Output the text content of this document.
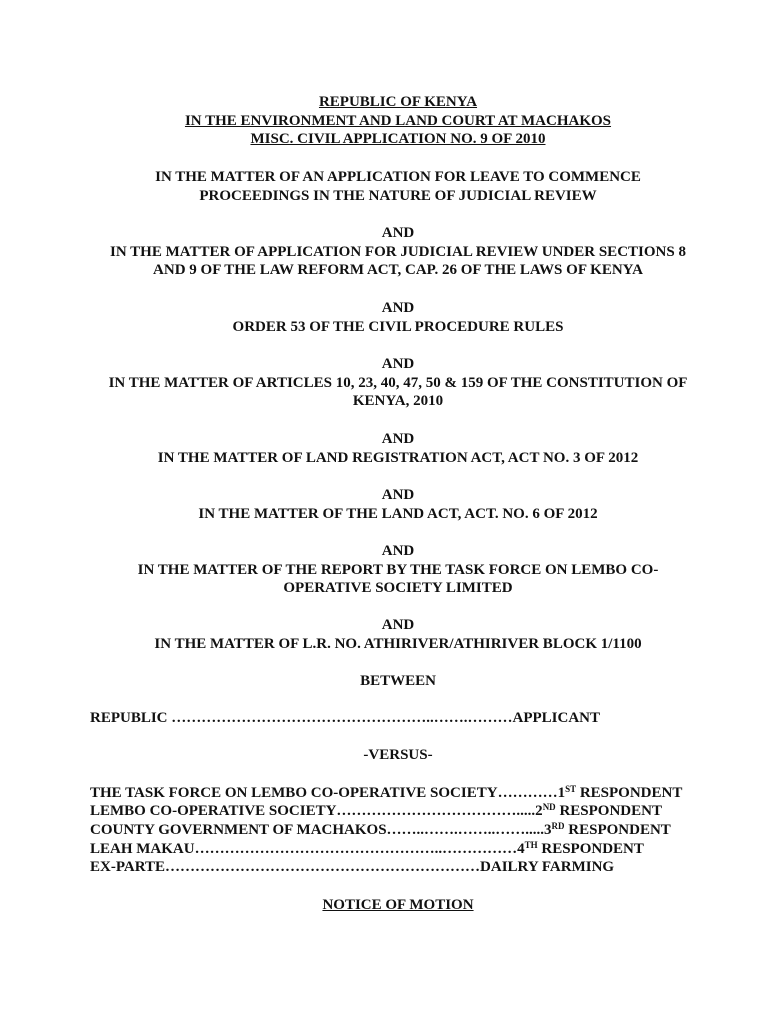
REPUBLIC OF KENYA
IN THE ENVIRONMENT AND LAND COURT AT MACHAKOS
MISC. CIVIL APPLICATION NO. 9 OF 2010
IN THE MATTER OF AN APPLICATION FOR LEAVE TO COMMENCE
PROCEEDINGS IN THE NATURE OF JUDICIAL REVIEW
AND
IN THE MATTER OF APPLICATION FOR JUDICIAL REVIEW UNDER SECTIONS 8
AND 9 OF THE LAW REFORM ACT, CAP. 26 OF THE LAWS OF KENYA
AND
ORDER 53 OF THE CIVIL PROCEDURE RULES
AND
IN THE MATTER OF ARTICLES 10, 23, 40, 47, 50 & 159 OF THE CONSTITUTION OF
KENYA, 2010
AND
IN THE MATTER OF LAND REGISTRATION ACT, ACT NO. 3 OF 2012
AND
IN THE MATTER OF THE LAND ACT, ACT. NO. 6 OF 2012
AND
IN THE MATTER OF THE REPORT BY THE TASK FORCE ON LEMBO CO-
OPERATIVE SOCIETY LIMITED
AND
IN THE MATTER OF L.R. NO. ATHIRIVER/ATHIRIVER BLOCK 1/1100
BETWEEN
REPUBLIC ……………………………………………..…….………APPLICANT
-VERSUS-
THE TASK FORCE ON LEMBO CO-OPERATIVE SOCIETY…………1ST RESPONDENT
LEMBO CO-OPERATIVE SOCIETY……………………………….....2ND RESPONDENT
COUNTY GOVERNMENT OF MACHAKOS……..…….……..…….....3RD RESPONDENT
LEAH MAKAU…………………………………………..……………4TH RESPONDENT
EX-PARTE………………………………………………………DAILRY FARMING
NOTICE OF MOTION
